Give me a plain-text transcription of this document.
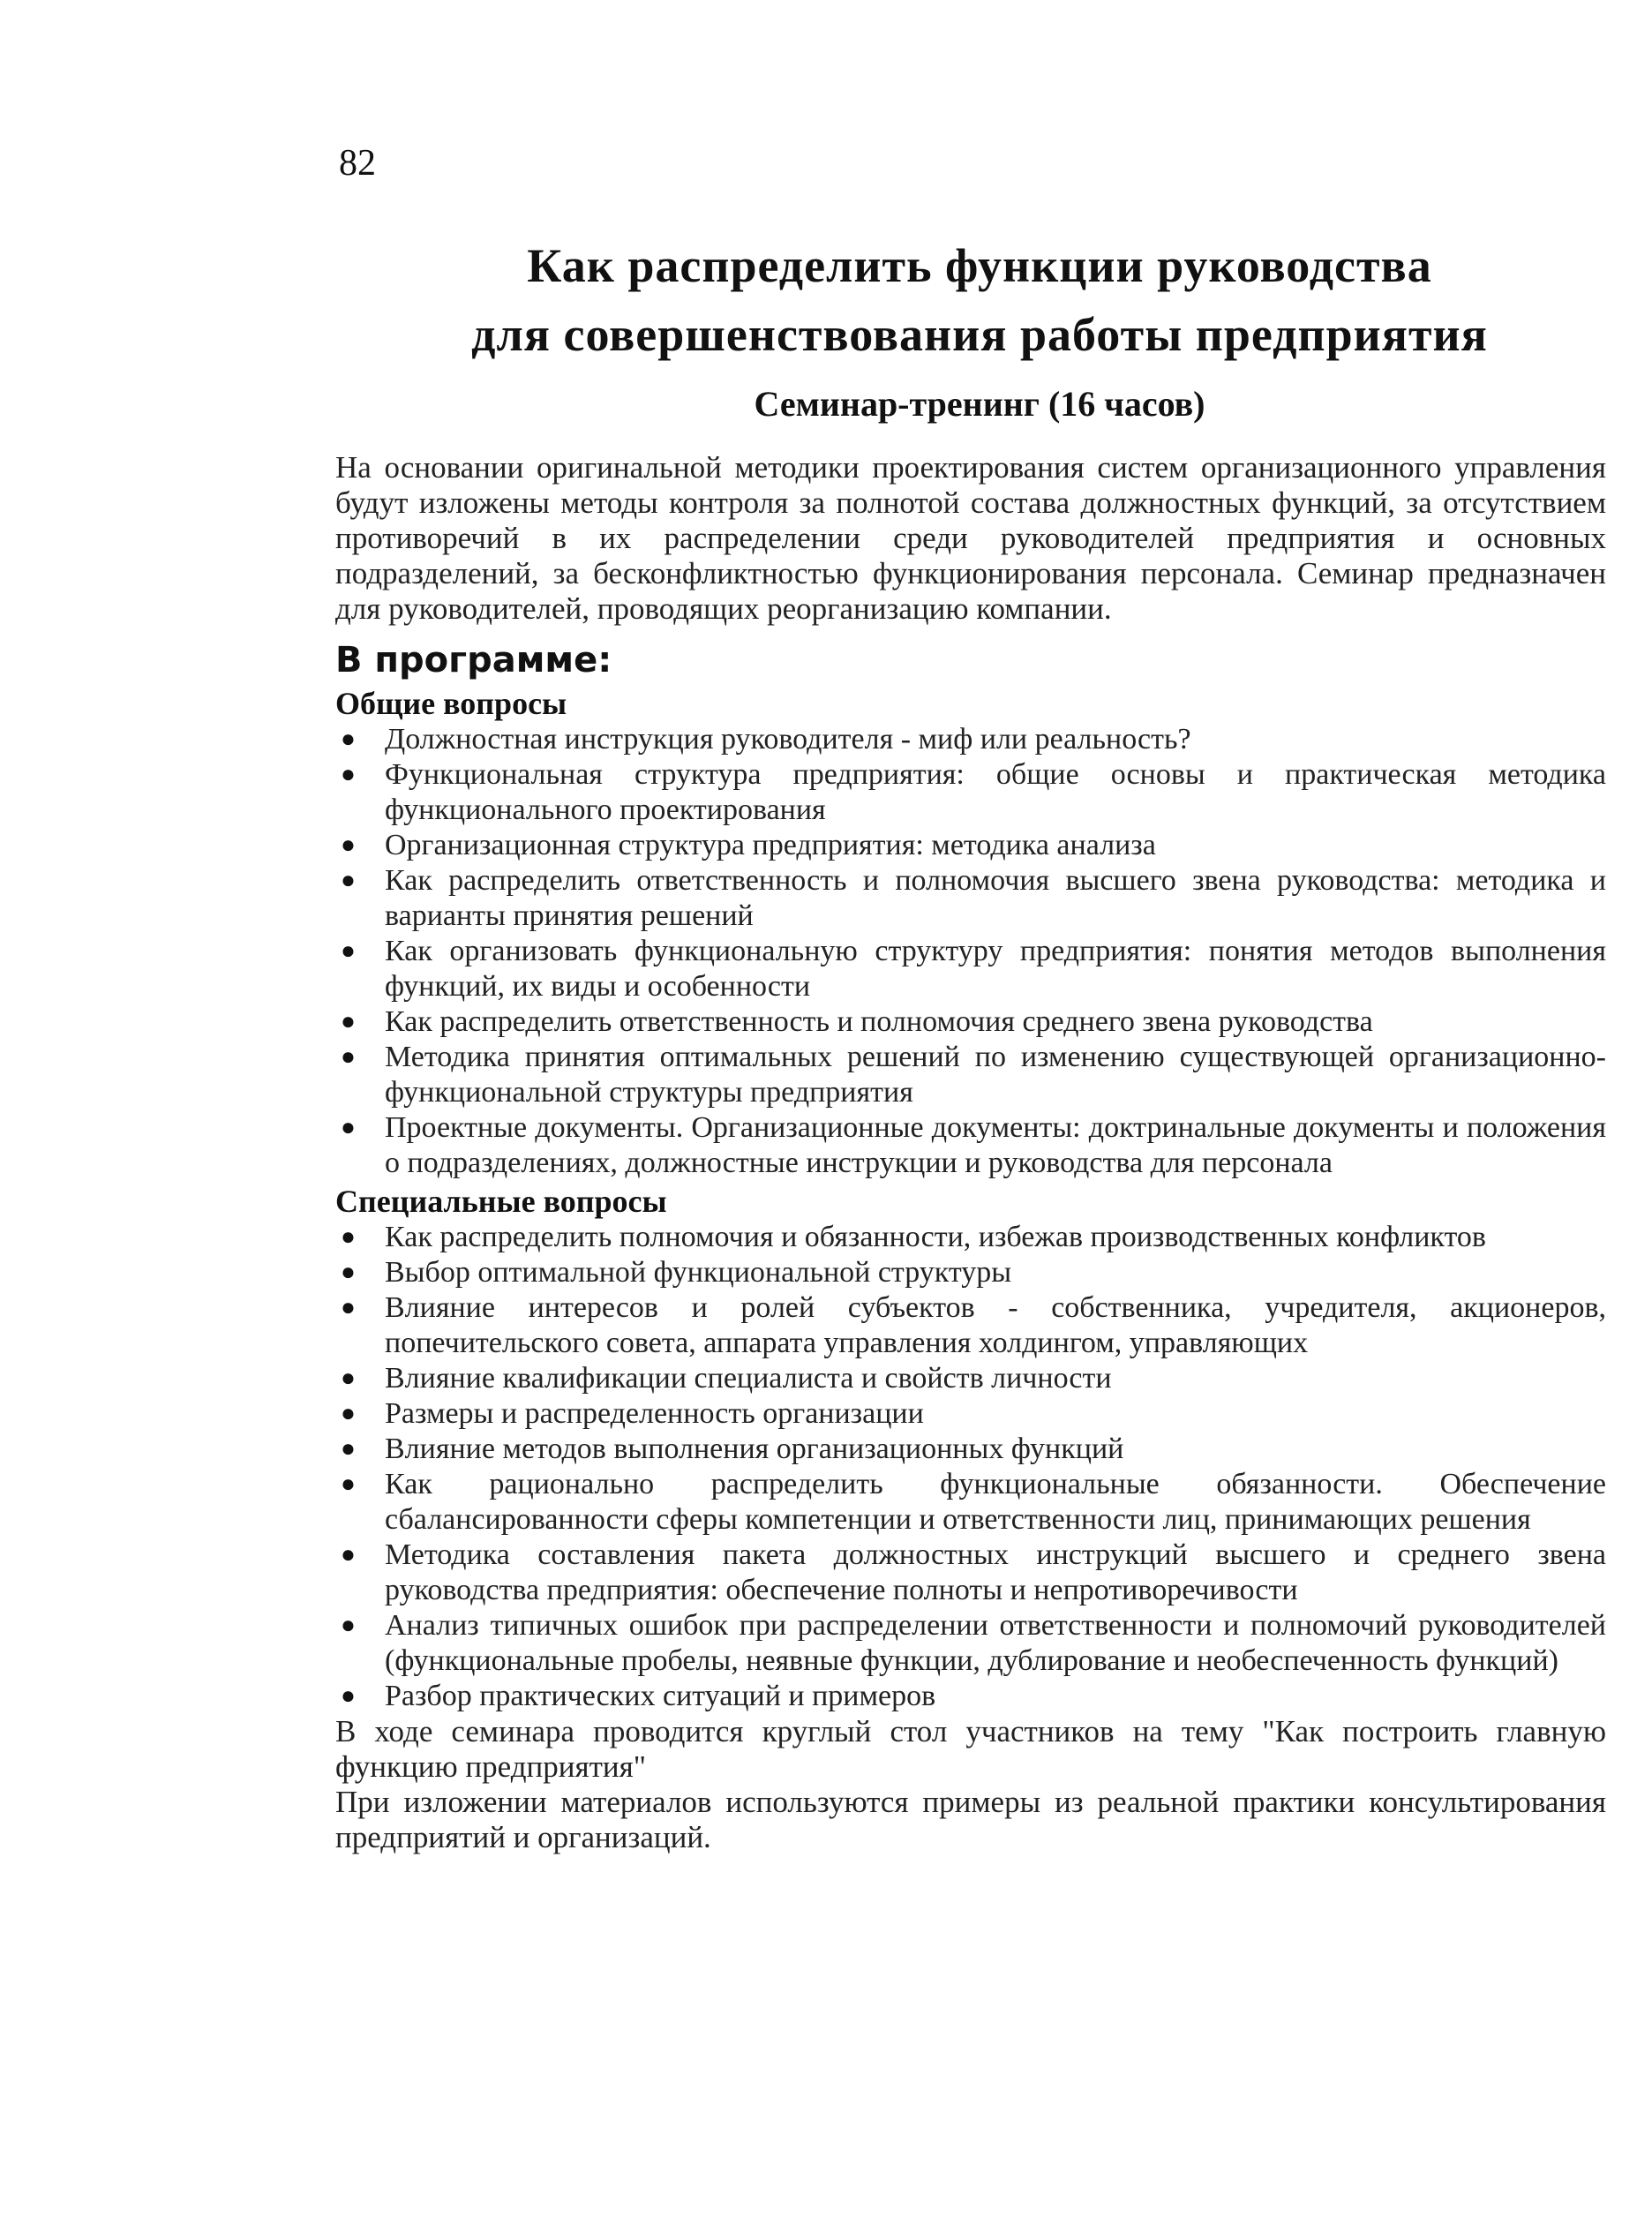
82
Как распределить функции руководства
для совершенствования работы предприятия
Семинар-тренинг (16 часов)

На основании оригинальной методики проектирования систем организационного управления будут изложены методы контроля за полнотой состава должностных функций, за отсутствием противоречий в их распределении среди руководителей предприятия и основных подразделений, за бесконфликтностью функционирования персонала. Семинар предназначен для руководителей, проводящих реорганизацию компании.

В программе:
Общие вопросы
● Должностная инструкция руководителя - миф или реальность?
● Функциональная структура предприятия: общие основы и практическая методика функционального проектирования
● Организационная структура предприятия: методика анализа
● Как распределить ответственность и полномочия высшего звена руководства: методика и варианты принятия решений
● Как организовать функциональную структуру предприятия: понятия методов выполнения функций, их виды и особенности
● Как распределить ответственность и полномочия среднего звена руководства
● Методика принятия оптимальных решений по изменению существующей организационно-функциональной структуры предприятия
● Проектные документы. Организационные документы: доктринальные документы и положения о подразделениях, должностные инструкции и руководства для персонала
Специальные вопросы
● Как распределить полномочия и обязанности, избежав производственных конфликтов
● Выбор оптимальной функциональной структуры
● Влияние интересов и ролей субъектов - собственника, учредителя, акционеров, попечительского совета, аппарата управления холдингом, управляющих
● Влияние квалификации специалиста и свойств личности
● Размеры и распределенность организации
● Влияние методов выполнения организационных функций
● Как рационально распределить функциональные обязанности. Обеспечение сбалансированности сферы компетенции и ответственности лиц, принимающих решения
● Методика составления пакета должностных инструкций высшего и среднего звена руководства предприятия: обеспечение полноты и непротиворечивости
● Анализ типичных ошибок при распределении ответственности и полномочий руководителей (функциональные пробелы, неявные функции, дублирование и необеспеченность функций)
● Разбор практических ситуаций и примеров

В ходе семинара проводится круглый стол участников на тему "Как построить главную функцию предприятия"

При изложении материалов используются примеры из реальной практики консультирования предприятий и организаций.
